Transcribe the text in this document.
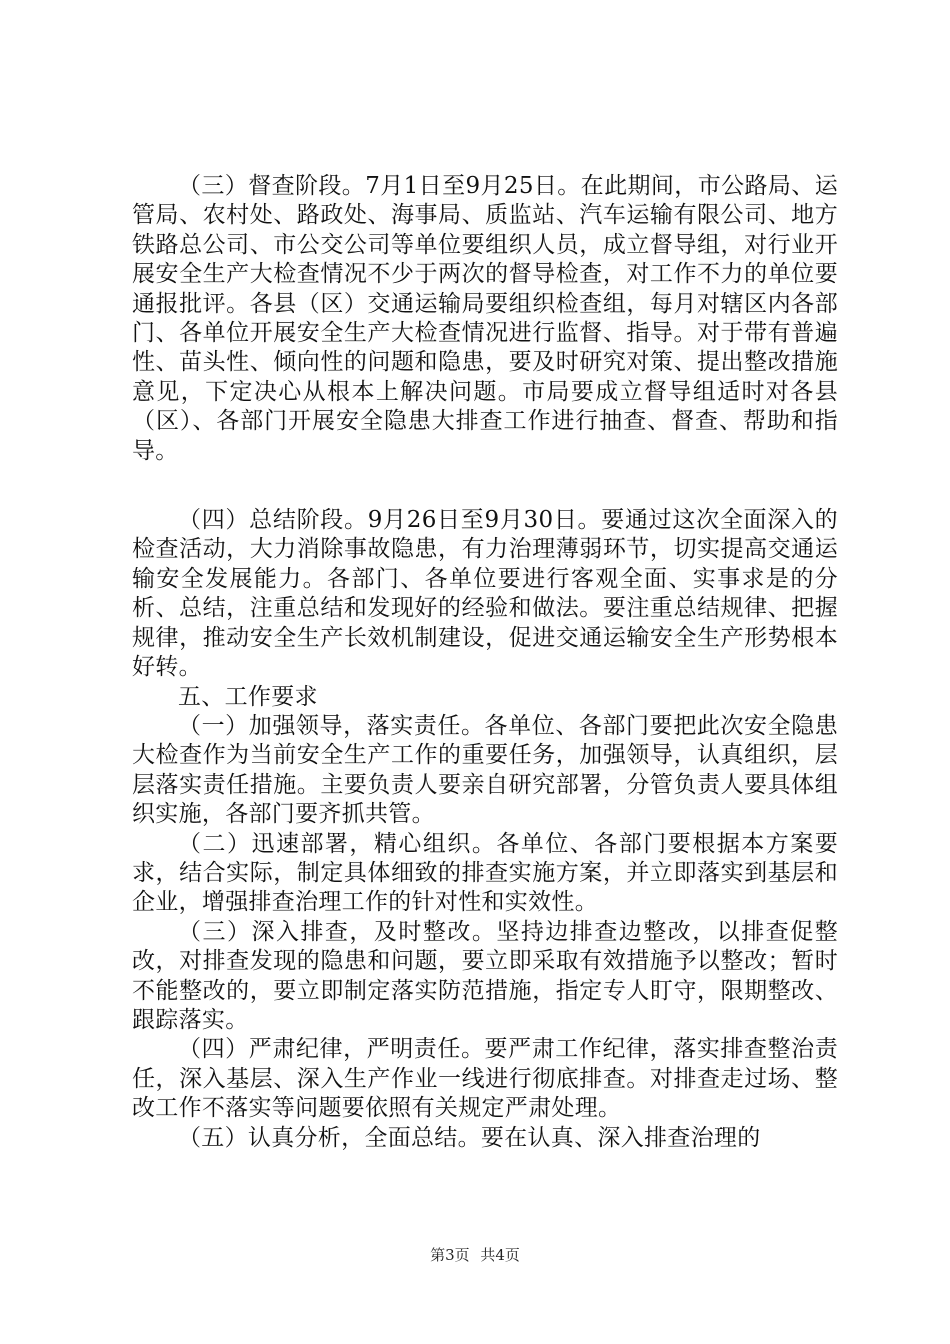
（三）督查阶段。7月1日至9月25日。在此期间，市公路局、运管局、农村处、路政处、海事局、质监站、汽车运输有限公司、地方铁路总公司、市公交公司等单位要组织人员，成立督导组，对行业开展安全生产大检查情况不少于两次的督导检查，对工作不力的单位要通报批评。各县（区）交通运输局要组织检查组，每月对辖区内各部门、各单位开展安全生产大检查情况进行监督、指导。对于带有普遍性、苗头性、倾向性的问题和隐患，要及时研究对策、提出整改措施意见，下定决心从根本上解决问题。市局要成立督导组适时对各县（区）、各部门开展安全隐患大排查工作进行抽查、督查、帮助和指导。

（四）总结阶段。9月26日至9月30日。要通过这次全面深入的检查活动，大力消除事故隐患，有力治理薄弱环节，切实提高交通运输安全发展能力。各部门、各单位要进行客观全面、实事求是的分析、总结，注重总结和发现好的经验和做法。要注重总结规律、把握规律，推动安全生产长效机制建设，促进交通运输安全生产形势根本好转。

五、工作要求

（一）加强领导，落实责任。各单位、各部门要把此次安全隐患大检查作为当前安全生产工作的重要任务，加强领导，认真组织，层层落实责任措施。主要负责人要亲自研究部署，分管负责人要具体组织实施，各部门要齐抓共管。

（二）迅速部署，精心组织。各单位、各部门要根据本方案要求，结合实际，制定具体细致的排查实施方案，并立即落实到基层和企业，增强排查治理工作的针对性和实效性。

（三）深入排查，及时整改。坚持边排查边整改，以排查促整改，对排查发现的隐患和问题，要立即采取有效措施予以整改；暂时不能整改的，要立即制定落实防范措施，指定专人盯守，限期整改、跟踪落实。

（四）严肃纪律，严明责任。要严肃工作纪律，落实排查整治责任，深入基层、深入生产作业一线进行彻底排查。对排查走过场、整改工作不落实等问题要依照有关规定严肃处理。

（五）认真分析，全面总结。要在认真、深入排查治理的

第3页 共4页
